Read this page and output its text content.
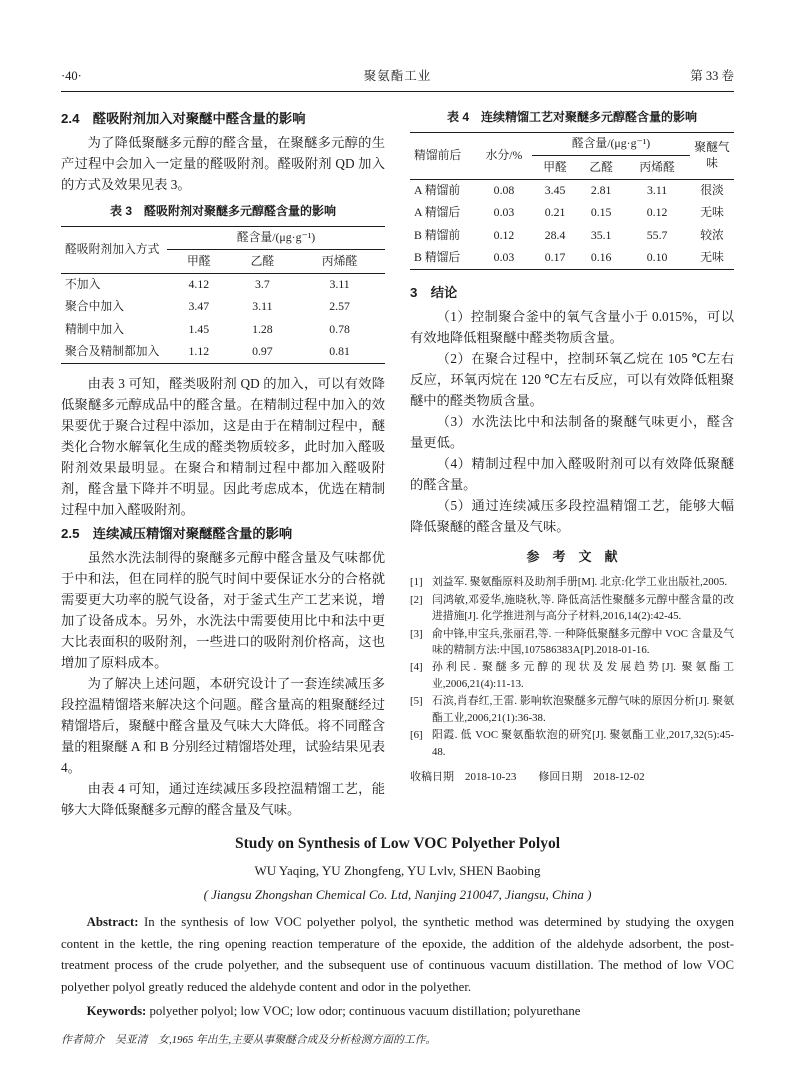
·40·	聚氨酯工业	第 33 卷
2.4　醛吸附剂加入对聚醚中醛含量的影响

为了降低聚醚多元醇的醛含量，在聚醚多元醇的生产过程中会加入一定量的醛吸附剂。醛吸附剂 QD 加入的方式及效果见表 3。

表 3　醛吸附剂对聚醚多元醇醛含量的影响
醛吸附剂加入方式	醛含量/(μg·g⁻¹)		
	甲醛	乙醛	丙烯醛
不加入	4.12	3.7	3.11
聚合中加入	3.47	3.11	2.57
精制中加入	1.45	1.28	0.78
聚合及精制都加入	1.12	0.97	0.81

由表 3 可知，醛类吸附剂 QD 的加入，可以有效降低聚醚多元醇成品中的醛含量。在精制过程中加入的效果要优于聚合过程中添加，这是由于在精制过程中，醚类化合物水解氧化生成的醛类物质较多，此时加入醛吸附剂效果最明显。在聚合和精制过程中都加入醛吸附剂，醛含量下降并不明显。因此考虑成本，优选在精制过程中加入醛吸附剂。

2.5　连续减压精馏对聚醚醛含量的影响

虽然水洗法制得的聚醚多元醇中醛含量及气味都优于中和法，但在同样的脱气时间中要保证水分的合格就需要更大功率的脱气设备，对于釜式生产工艺来说，增加了设备成本。另外，水洗法中需要使用比中和法中更大比表面积的吸附剂，一些进口的吸附剂价格高，这也增加了原料成本。

为了解决上述问题，本研究设计了一套连续减压多段控温精馏塔来解决这个问题。醛含量高的粗聚醚经过精馏塔后，聚醚中醛含量及气味大大降低。将不同醛含量的粗聚醚 A 和 B 分别经过精馏塔处理，试验结果见表 4。

由表 4 可知，通过连续减压多段控温精馏工艺，能够大大降低聚醚多元醇的醛含量及气味。

表 4　连续精馏工艺对聚醚多元醇醛含量的影响
精馏前后	水分/%	醛含量/(μg·g⁻¹)			聚醚气味
		甲醛	乙醛	丙烯醛	
A 精馏前	0.08	3.45	2.81	3.11	很淡
A 精馏后	0.03	0.21	0.15	0.12	无味
B 精馏前	0.12	28.4	35.1	55.7	较浓
B 精馏后	0.03	0.17	0.16	0.10	无味
3　结论

（1）控制聚合釜中的氧气含量小于 0.015%，可以有效地降低粗聚醚中醛类物质含量。

（2）在聚合过程中，控制环氧乙烷在 105 ℃左右反应，环氧丙烷在 120 ℃左右反应，可以有效降低粗聚醚中的醛类物质含量。

（3）水洗法比中和法制备的聚醚气味更小，醛含量更低。

（4）精制过程中加入醛吸附剂可以有效降低聚醚的醛含量。

（5）通过连续减压多段控温精馏工艺，能够大幅降低聚醚的醛含量及气味。

参　考　文　献
[1] 刘益军. 聚氨酯原料及助剂手册[M]. 北京:化学工业出版社,2005.
[2] 闫鸿敏,邓爱华,施晓秋,等. 降低高活性聚醚多元醇中醛含量的改进措施[J]. 化学推进剂与高分子材料,2016,14(2):42-45.
[3] 俞中锋,申宝兵,张丽君,等. 一种降低聚醚多元醇中 VOC 含量及气味的精制方法:中国,107586383A[P].2018-01-16.
[4] 孙利民. 聚醚多元醇的现状及发展趋势[J]. 聚氨酯工业,2006,21(4):11-13.
[5] 石滨,肖春红,王雷. 影响软泡聚醚多元醇气味的原因分析[J]. 聚氨酯工业,2006,21(1):36-38.
[6] 阳霞. 低 VOC 聚氨酯软泡的研究[J]. 聚氨酯工业,2017,32(5):45-48.
收稿日期　2018-10-23　　修回日期　2018-12-02
Study on Synthesis of Low VOC Polyether Polyol
WU Yaqing, YU Zhongfeng, YU Lvlv, SHEN Baobing
( Jiangsu Zhongshan Chemical Co. Ltd, Nanjing 210047, Jiangsu, China )

Abstract: In the synthesis of low VOC polyether polyol, the synthetic method was determined by studying the oxygen content in the kettle, the ring opening reaction temperature of the epoxide, the addition of the aldehyde adsorbent, the post-treatment process of the crude polyether, and the subsequent use of continuous vacuum distillation. The method of low VOC polyether polyol greatly reduced the aldehyde content and odor in the polyether.

Keywords: polyether polyol; low VOC; low odor; continuous vacuum distillation; polyurethane

作者简介　吴亚清　女,1965 年出生,主要从事聚醚合成及分析检测方面的工作。
